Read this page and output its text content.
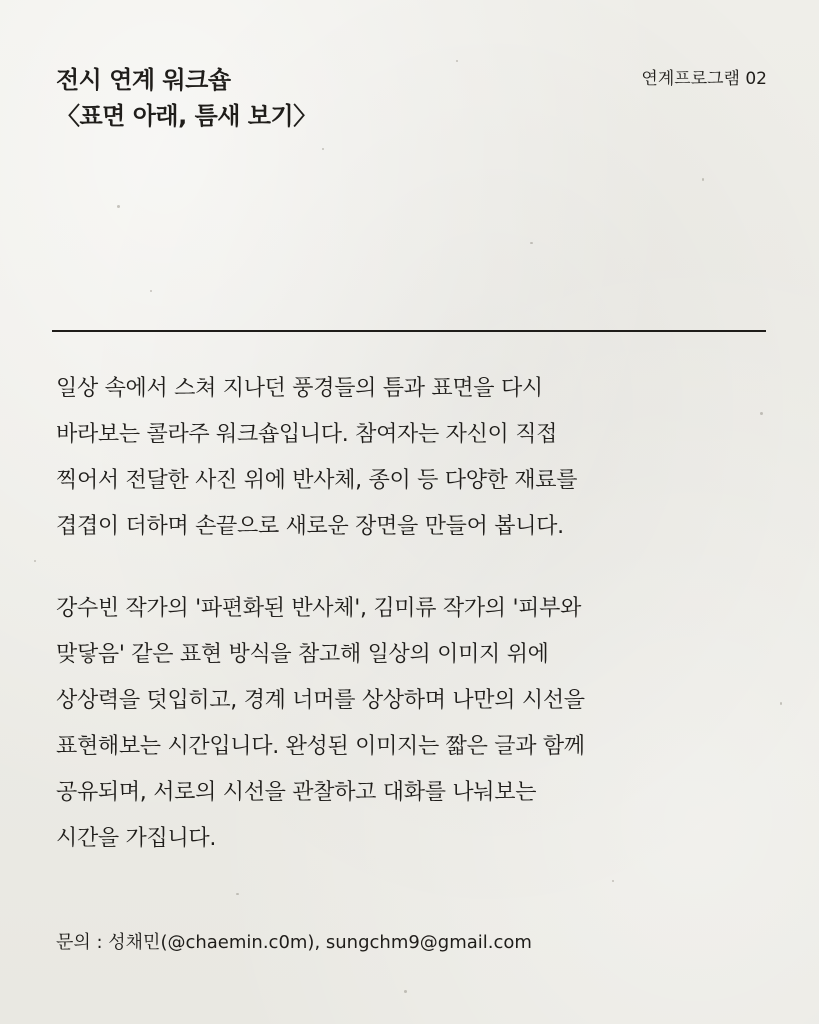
전시 연계 워크숍
〈표면 아래, 틈새 보기〉
연계프로그램 02
일상 속에서 스쳐 지나던 풍경들의 틈과 표면을 다시
바라보는 콜라주 워크숍입니다. 참여자는 자신이 직접
찍어서 전달한 사진 위에 반사체, 종이 등 다양한 재료를
겹겹이 더하며 손끝으로 새로운 장면을 만들어 봅니다.
강수빈 작가의 '파편화된 반사체', 김미류 작가의 '피부와
맞닿음' 같은 표현 방식을 참고해 일상의 이미지 위에
상상력을 덧입히고, 경계 너머를 상상하며 나만의 시선을
표현해보는 시간입니다. 완성된 이미지는 짧은 글과 함께
공유되며, 서로의 시선을 관찰하고 대화를 나눠보는
시간을 가집니다.
문의 : 성채민(@chaemin.c0m), sungchm9@gmail.com
